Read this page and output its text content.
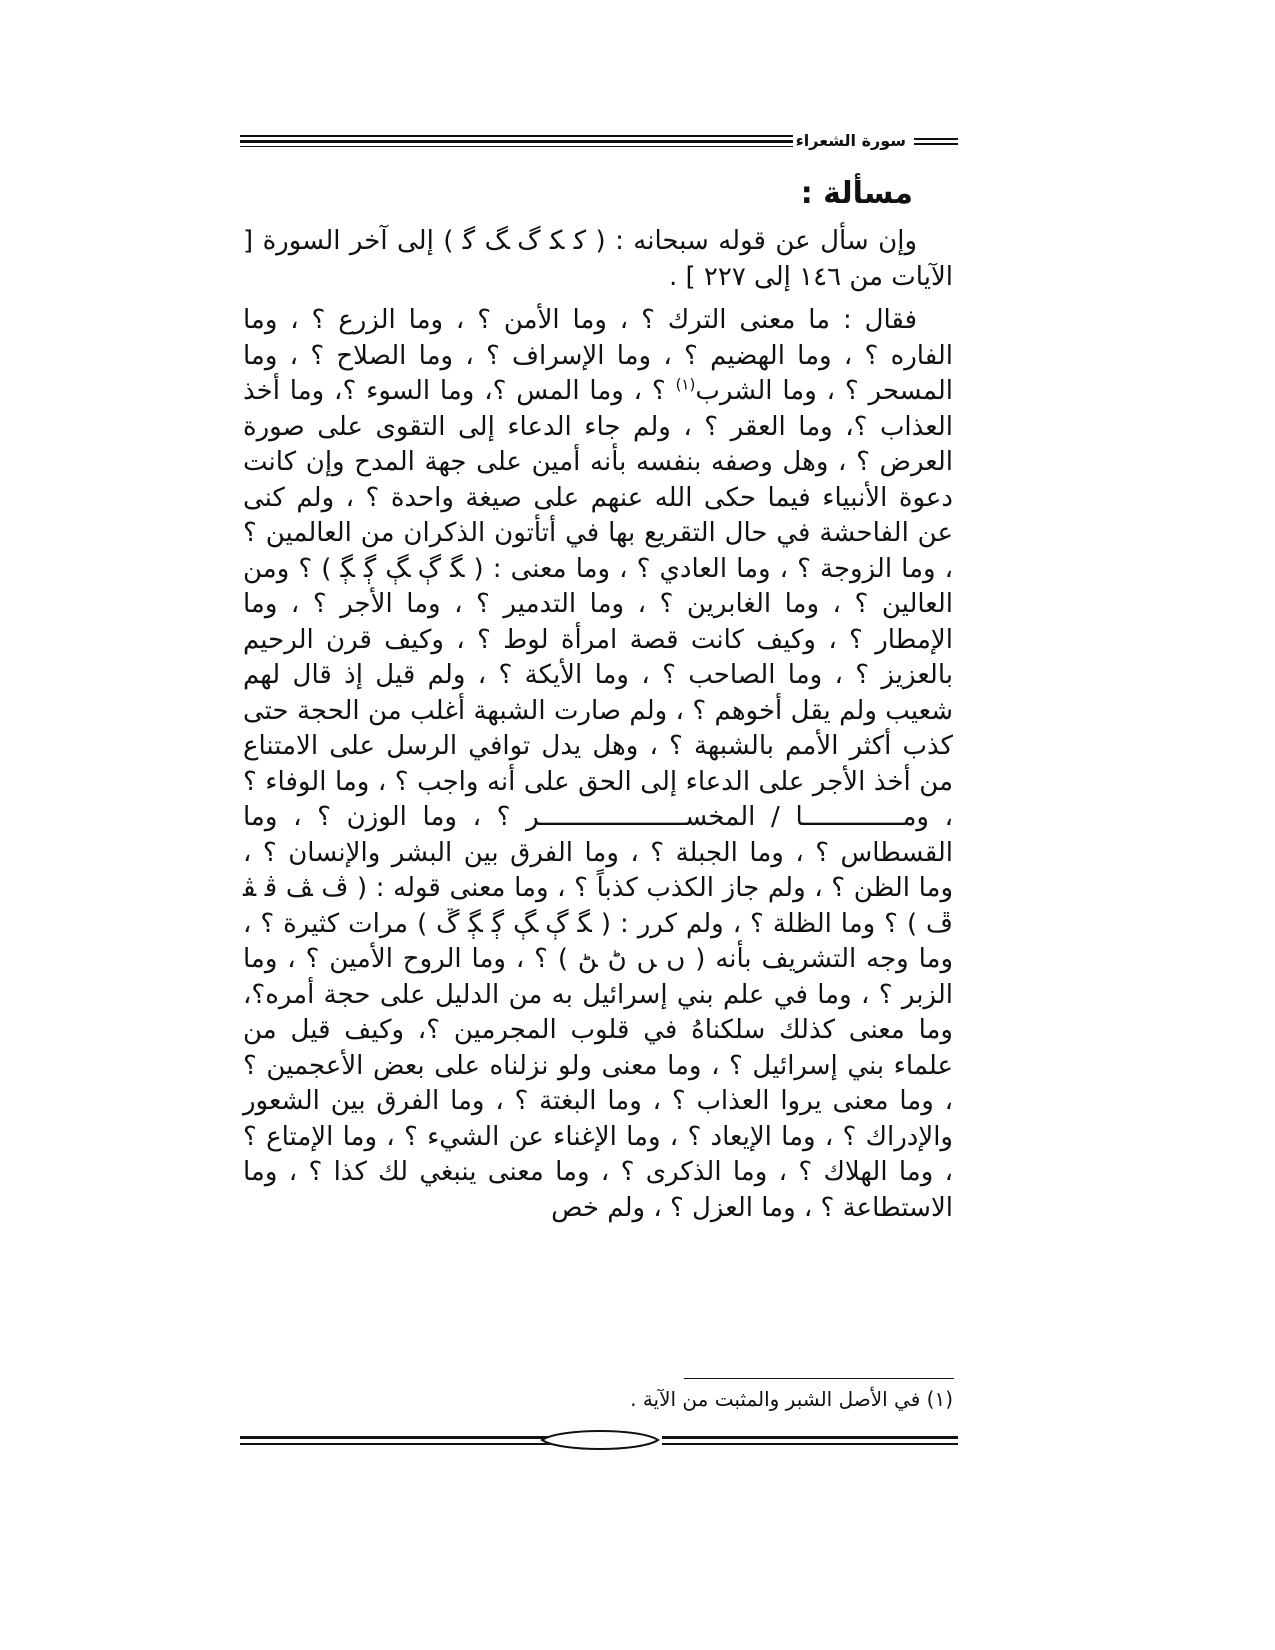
سورة الشعراء
مسألة :

وإن سأل عن قوله سبحانه : ( ﮐ ﮑ ﮒ ﮓ ﮔ ) إلى آخر السورة [ الآيات من ١٤٦ إلى ٢٢٧ ] .

فقال : ما معنى الترك ؟ ، وما الأمن ؟ ، وما الزرع ؟ ، وما الفاره ؟ ، وما الهضيم ؟ ، وما الإسراف ؟ ، وما الصلاح ؟ ، وما المسحر ؟ ، وما الشرب$^{(١)}$ ؟ ، وما المس ؟، وما السوء ؟، وما أخذ العذاب ؟، وما العقر ؟ ، ولم جاء الدعاء إلى التقوى على صورة العرض ؟ ، وهل وصفه بنفسه بأنه أمين على جهة المدح وإن كانت دعوة الأنبياء فيما حكى الله عنهم على صيغة واحدة ؟ ، ولم كنى عن الفاحشة في حال التقريع بها في أتأتون الذكران من العالمين ؟ ، وما الزوجة ؟ ، وما العادي ؟ ، وما معنى : ( ﮕ ﮖ ﮗ ﮘ ﮙ ) ؟ ومن العالين ؟ ، وما الغابرين ؟ ، وما التدمير ؟ ، وما الأجر ؟ ، وما الإمطار ؟ ، وكيف كانت قصة امرأة لوط ؟ ، وكيف قرن الرحيم بالعزيز ؟ ، وما الصاحب ؟ ، وما الأيكة ؟ ، ولم قيل إذ قال لهم شعيب ولم يقل أخوهم ؟ ، ولم صارت الشبهة أغلب من الحجة حتى كذب أكثر الأمم بالشبهة ؟ ، وهل يدل توافي الرسل على الامتناع من أخذ الأجر على الدعاء إلى الحق على أنه واجب ؟ ، وما الوفاء ؟ ، ومـــــــــــــا / المخســـــــــــــــــــر ؟ ، وما الوزن ؟ ، وما القسطاس ؟ ، وما الجبلة ؟ ، وما الفرق بين البشر والإنسان ؟ ، وما الظن ؟ ، ولم جاز الكذب كذباً ؟ ، وما معنى قوله : ( ﭪ ﭫ ﭬ ﭭ ﭮ ) ؟ وما الظلة ؟ ، ولم كرر : ( ﮕ ﮖ ﮗ ﮘ ﮙ ﮚ ) مرات كثيرة ؟ ، وما وجه التشريف بأنه ( ﮞ ﮟ ﮠ ﮡ ) ؟ ، وما الروح الأمين ؟ ، وما الزبر ؟ ، وما في علم بني إسرائيل به من الدليل على حجة أمره؟، وما معنى كذلك سلكناهُ في قلوب المجرمين ؟، وكيف قيل من علماء بني إسرائيل ؟ ، وما معنى ولو نزلناه على بعض الأعجمين ؟ ، وما معنى يروا العذاب ؟ ، وما البغتة ؟ ، وما الفرق بين الشعور والإدراك ؟ ، وما الإيعاد ؟ ، وما الإغناء عن الشيء ؟ ، وما الإمتاع ؟ ، وما الهلاك ؟ ، وما الذكرى ؟ ، وما معنى ينبغي لك كذا ؟ ، وما الاستطاعة ؟ ، وما العزل ؟ ، ولم خص

(١) في الأصل الشبر والمثبت من الآية .
